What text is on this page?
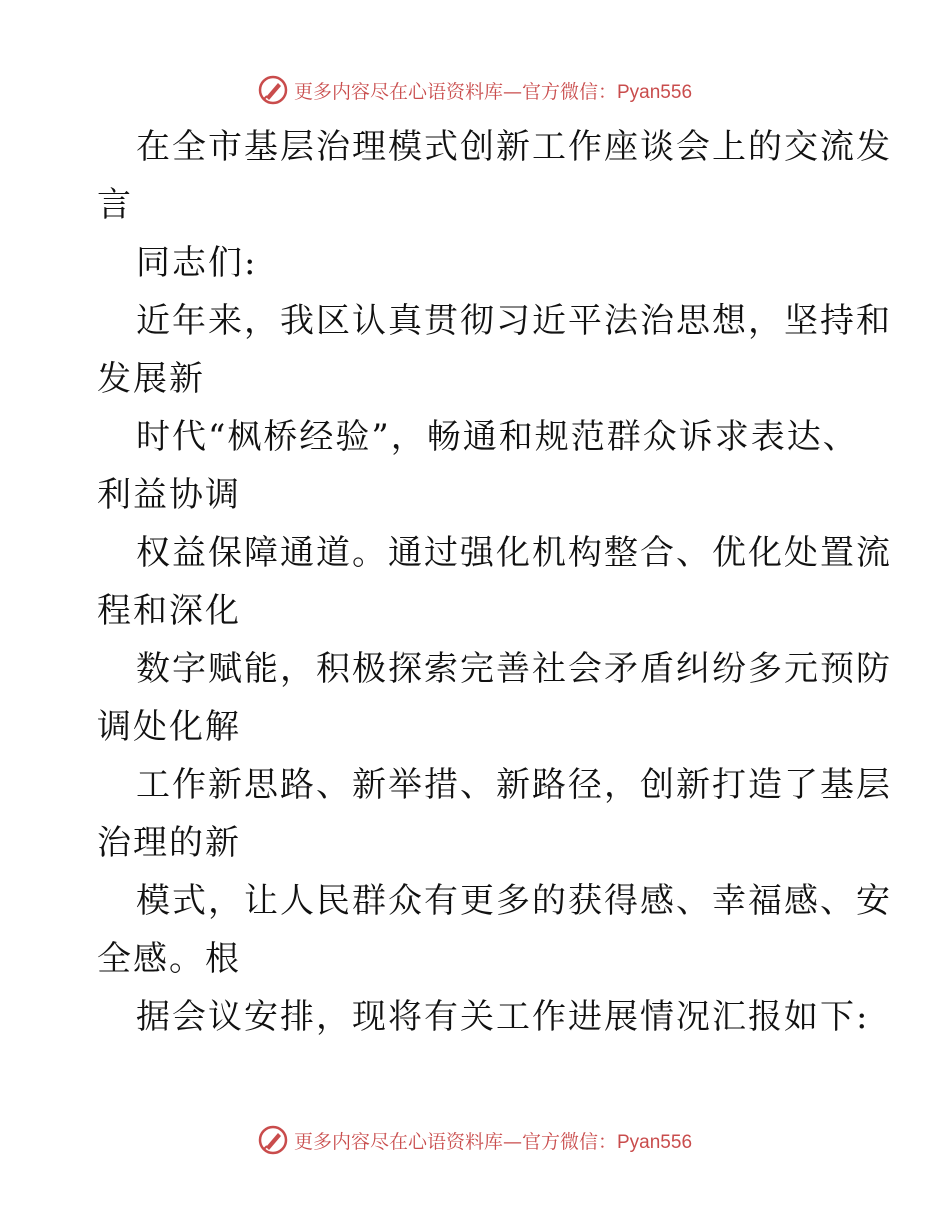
更多内容尽在心语资料库—官方微信：Pyan556
在全市基层治理模式创新工作座谈会上的交流发
言
同志们:
近年来，我区认真贯彻习近平法治思想，坚持和
发展新
时代“枫桥经验”，畅通和规范群众诉求表达、
利益协调
权益保障通道。通过强化机构整合、优化处置流
程和深化
数字赋能，积极探索完善社会矛盾纠纷多元预防
调处化解
工作新思路、新举措、新路径，创新打造了基层
治理的新
模式，让人民群众有更多的获得感、幸福感、安
全感。根
据会议安排，现将有关工作进展情况汇报如下:
更多内容尽在心语资料库—官方微信：Pyan556
